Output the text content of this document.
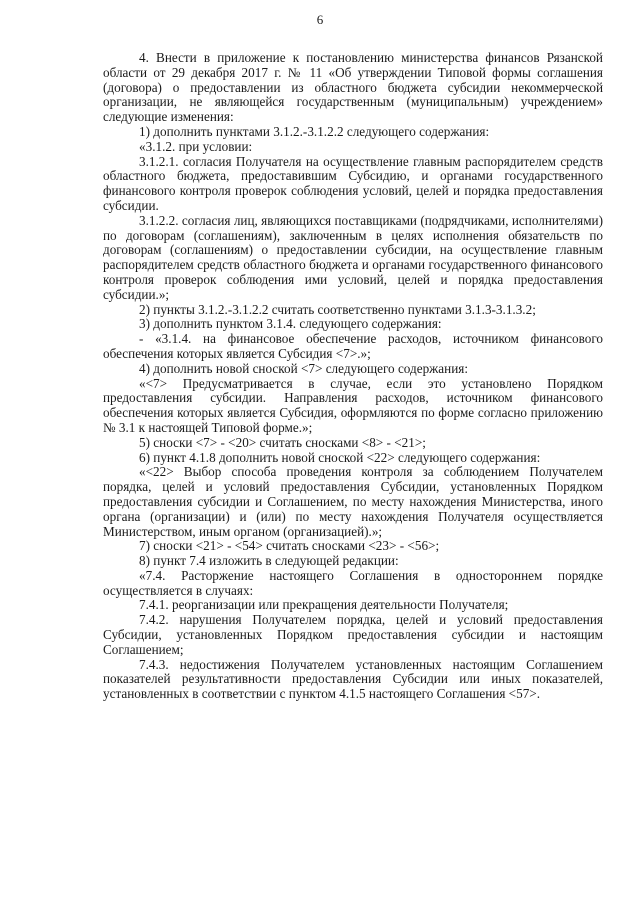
6

4. Внести в приложение к постановлению министерства финансов Рязанской области от 29 декабря 2017 г. № 11 «Об утверждении Типовой формы соглашения (договора) о предоставлении из областного бюджета субсидии некоммерческой организации, не являющейся государственным (муниципальным) учреждением» следующие изменения:

1) дополнить пунктами 3.1.2.-3.1.2.2 следующего содержания:

«3.1.2. при условии:

3.1.2.1. согласия Получателя на осуществление главным распорядителем средств областного бюджета, предоставившим Субсидию, и органами государственного финансового контроля проверок соблюдения условий, целей и порядка предоставления субсидии.

3.1.2.2. согласия лиц, являющихся поставщиками (подрядчиками, исполнителями) по договорам (соглашениям), заключенным в целях исполнения обязательств по договорам (соглашениям) о предоставлении субсидии, на осуществление главным распорядителем средств областного бюджета и органами государственного финансового контроля проверок соблюдения ими условий, целей и порядка предоставления субсидии.»;

2) пункты 3.1.2.-3.1.2.2 считать соответственно пунктами 3.1.3-3.1.3.2;

3) дополнить пунктом 3.1.4. следующего содержания:

- «3.1.4. на финансовое обеспечение расходов, источником финансового обеспечения которых является Субсидия <7>.»;

4) дополнить новой сноской <7> следующего содержания:

«<7> Предусматривается в случае, если это установлено Порядком предоставления субсидии. Направления расходов, источником финансового обеспечения которых является Субсидия, оформляются по форме согласно приложению № 3.1 к настоящей Типовой форме.»;

5) сноски <7> - <20> считать сносками <8> - <21>;

6) пункт 4.1.8 дополнить новой сноской <22> следующего содержания:

«<22> Выбор способа проведения контроля за соблюдением Получателем порядка, целей и условий предоставления Субсидии, установленных Порядком предоставления субсидии и Соглашением, по месту нахождения Министерства, иного органа (организации) и (или) по месту нахождения Получателя осуществляется Министерством, иным органом (организацией).»;

7) сноски <21> - <54> считать сносками <23> - <56>;

8) пункт 7.4 изложить в следующей редакции:

«7.4. Расторжение настоящего Соглашения в одностороннем порядке осуществляется в случаях:

7.4.1. реорганизации или прекращения деятельности Получателя;

7.4.2. нарушения Получателем порядка, целей и условий предоставления Субсидии, установленных Порядком предоставления субсидии и настоящим Соглашением;

7.4.3. недостижения Получателем установленных настоящим Соглашением показателей результативности предоставления Субсидии или иных показателей, установленных в соответствии с пунктом 4.1.5 настоящего Соглашения <57>.
